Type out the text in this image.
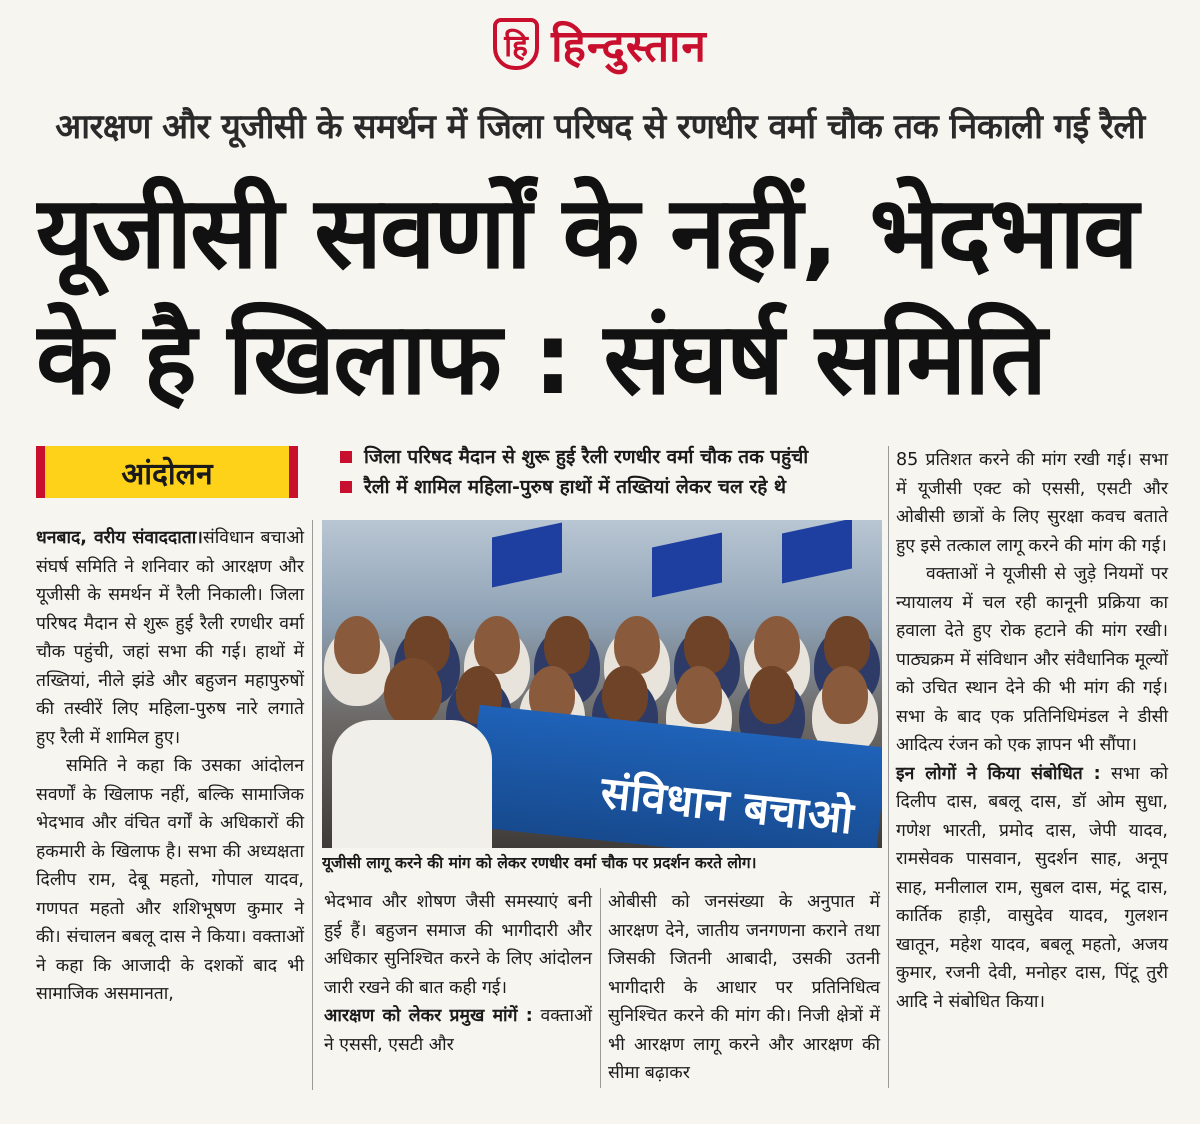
हि हिन्दुस्तान
आरक्षण और यूजीसी के समर्थन में जिला परिषद से रणधीर वर्मा चौक तक निकाली गई रैली
यूजीसी सवर्णों के नहीं, भेदभाव
के है खिलाफ : संघर्ष समिति
आंदोलन	जिला परिषद मैदान से शुरू हुई रैली रणधीर वर्मा चौक तक पहुंची
रैली में शामिल महिला-पुरुष हाथों में तख्तियां लेकर चल रहे थे
संविधान बचाओ
यूजीसी लागू करने की मांग को लेकर रणधीर वर्मा चौक पर प्रदर्शन करते लोग।

धनबाद, वरीय संवाददाता।संविधान बचाओ संघर्ष समिति ने शनिवार को आरक्षण और यूजीसी के समर्थन में रैली निकाली। जिला परिषद मैदान से शुरू हुई रैली रणधीर वर्मा चौक पहुंची, जहां सभा की गई। हाथों में तख्तियां, नीले झंडे और बहुजन महापुरुषों की तस्वीरें लिए महिला-पुरुष नारे लगाते हुए रैली में शामिल हुए।

समिति ने कहा कि उसका आंदोलन सवर्णों के खिलाफ नहीं, बल्कि सामाजिक भेदभाव और वंचित वर्गों के अधिकारों की हकमारी के खिलाफ है। सभा की अध्यक्षता दिलीप राम, देबू महतो, गोपाल यादव, गणपत महतो और शशिभूषण कुमार ने की। संचालन बबलू दास ने किया। वक्ताओं ने कहा कि आजादी के दशकों बाद भी सामाजिक असमानता,

भेदभाव और शोषण जैसी समस्याएं बनी हुई हैं। बहुजन समाज की भागीदारी और अधिकार सुनिश्चित करने के लिए आंदोलन जारी रखने की बात कही गई।

आरक्षण को लेकर प्रमुख मांगें : वक्ताओं ने एससी, एसटी और

ओबीसी को जनसंख्या के अनुपात में आरक्षण देने, जातीय जनगणना कराने तथा जिसकी जितनी आबादी, उसकी उतनी भागीदारी के आधार पर प्रतिनिधित्व सुनिश्चित करने की मांग की। निजी क्षेत्रों में भी आरक्षण लागू करने और आरक्षण की सीमा बढ़ाकर

85 प्रतिशत करने की मांग रखी गई। सभा में यूजीसी एक्ट को एससी, एसटी और ओबीसी छात्रों के लिए सुरक्षा कवच बताते हुए इसे तत्काल लागू करने की मांग की गई।

वक्ताओं ने यूजीसी से जुड़े नियमों पर न्यायालय में चल रही कानूनी प्रक्रिया का हवाला देते हुए रोक हटाने की मांग रखी। पाठ्यक्रम में संविधान और संवैधानिक मूल्यों को उचित स्थान देने की भी मांग की गई। सभा के बाद एक प्रतिनिधिमंडल ने डीसी आदित्य रंजन को एक ज्ञापन भी सौंपा।

इन लोगों ने किया संबोधित : सभा को दिलीप दास, बबलू दास, डॉ ओम सुधा, गणेश भारती, प्रमोद दास, जेपी यादव, रामसेवक पासवान, सुदर्शन साह, अनूप साह, मनीलाल राम, सुबल दास, मंटू दास, कार्तिक हाड़ी, वासुदेव यादव, गुलशन खातून, महेश यादव, बबलू महतो, अजय कुमार, रजनी देवी, मनोहर दास, पिंटू तुरी आदि ने संबोधित किया।
